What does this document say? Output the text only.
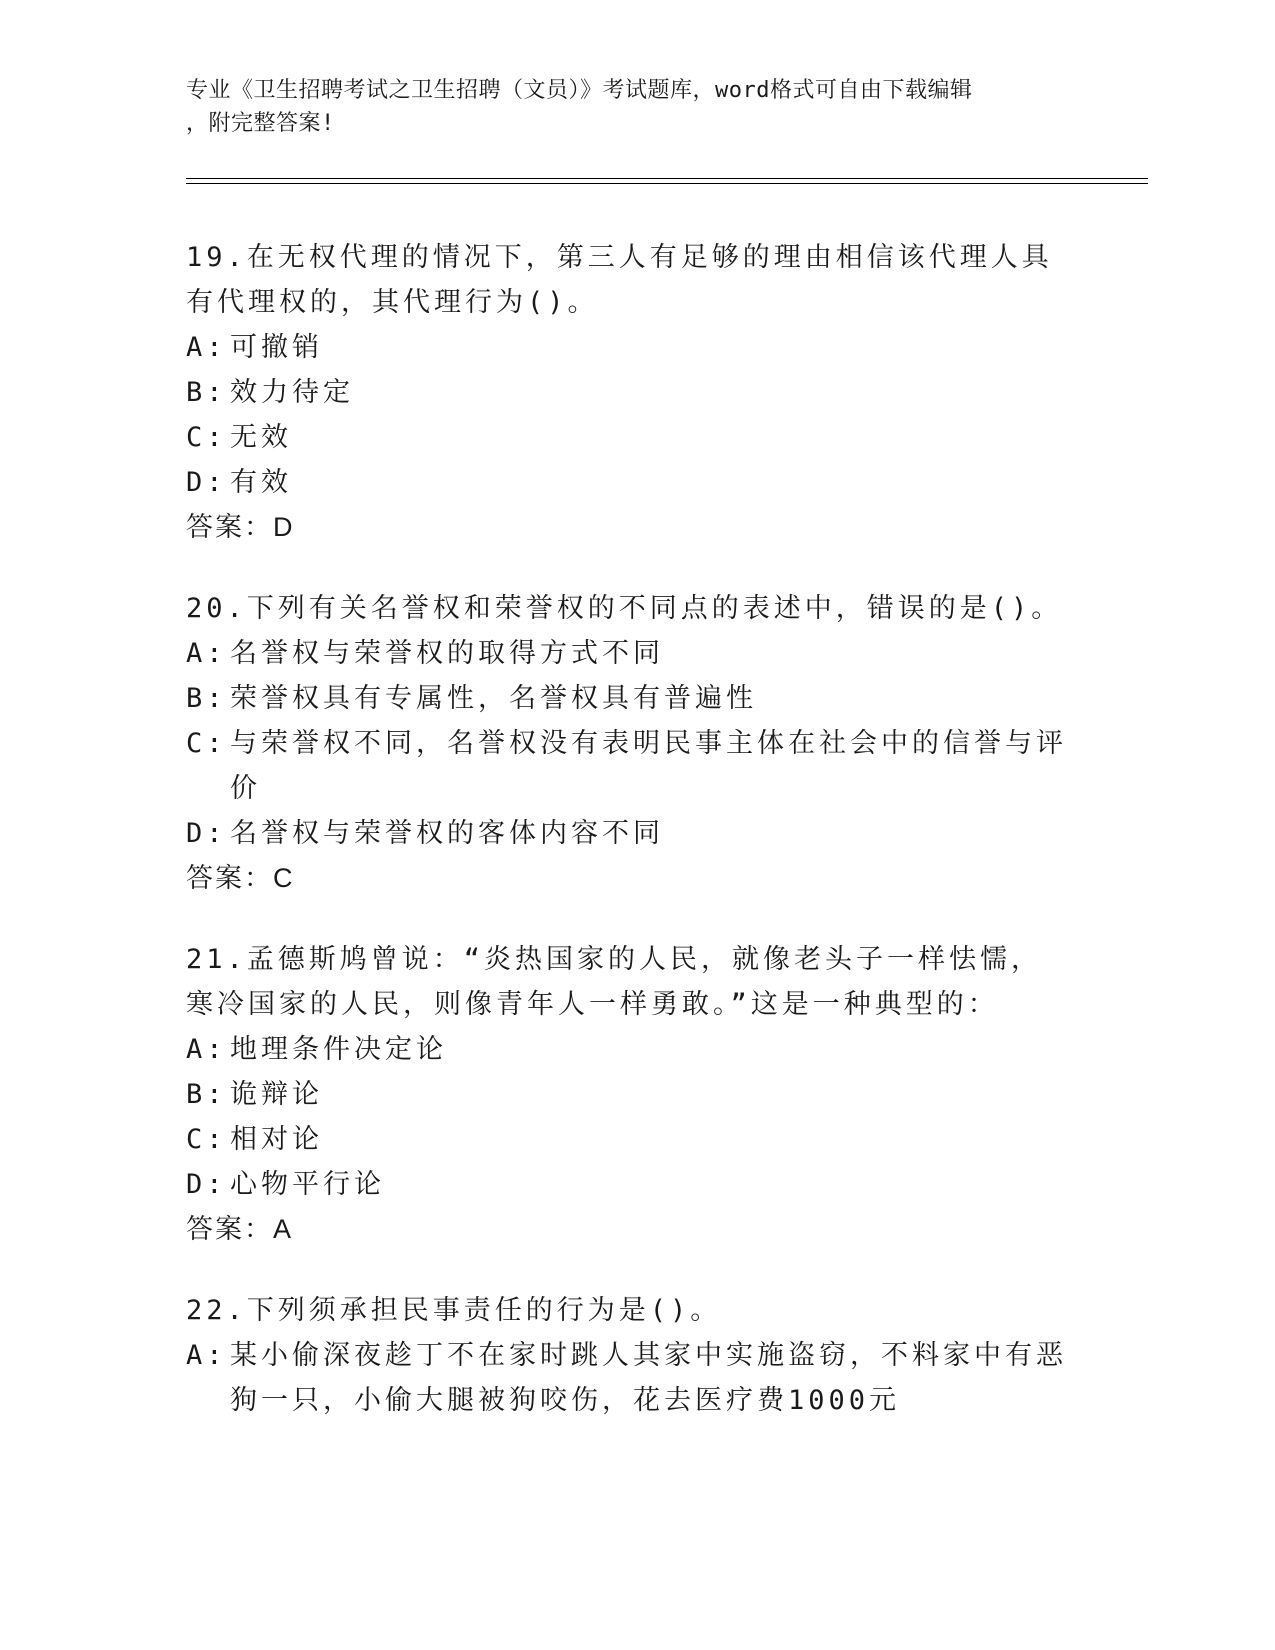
专业《卫生招聘考试之卫生招聘（文员）》考试题库，word格式可自由下载编辑
，附完整答案!
19.在无权代理的情况下，第三人有足够的理由相信该代理人具有代理权的，其代理行为()。
A: 可撤销
B: 效力待定
C: 无效
D: 有效
答案：D
20.下列有关名誉权和荣誉权的不同点的表述中，错误的是()。
A: 名誉权与荣誉权的取得方式不同
B: 荣誉权具有专属性，名誉权具有普遍性
C: 与荣誉权不同，名誉权没有表明民事主体在社会中的信誉与评价
D: 名誉权与荣誉权的客体内容不同
答案：C
21.孟德斯鸠曾说：“炎热国家的人民，就像老头子一样怯懦，寒冷国家的人民，则像青年人一样勇敢。”这是一种典型的：
A: 地理条件决定论
B: 诡辩论
C: 相对论
D: 心物平行论
答案：A
22.下列须承担民事责任的行为是()。
A: 某小偷深夜趁丁不在家时跳人其家中实施盗窃，不料家中有恶狗一只，小偷大腿被狗咬伤，花去医疗费1000元
